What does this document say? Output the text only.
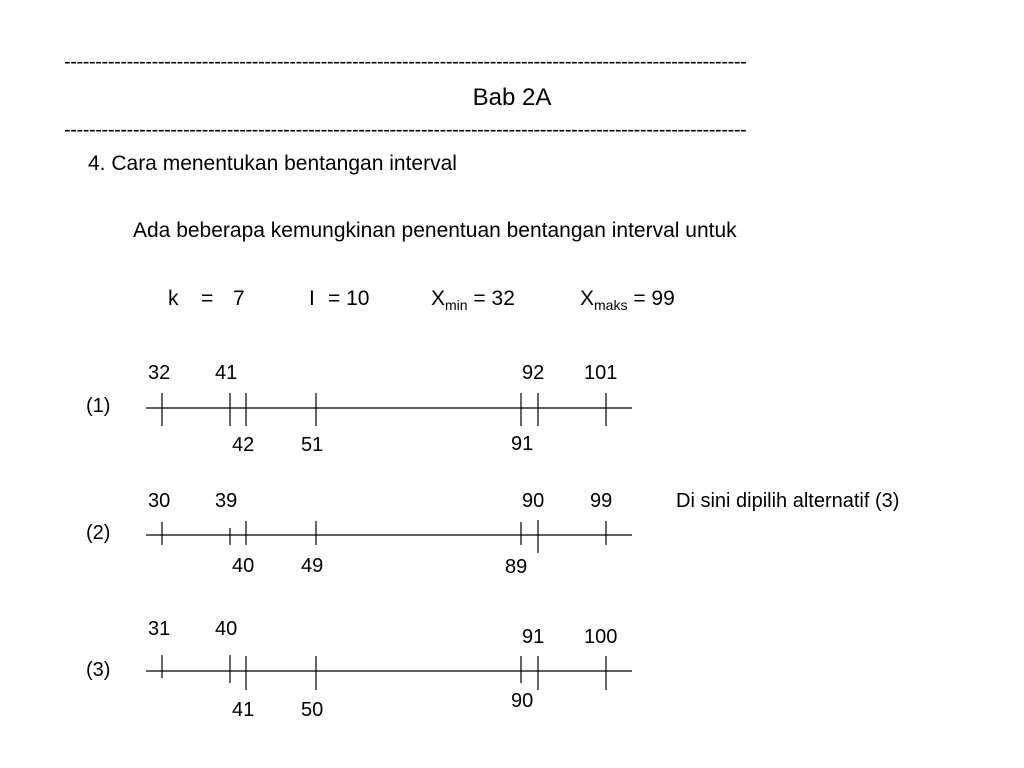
-------------------------------------------------------------------------------------------------------------
Bab 2A
-------------------------------------------------------------------------------------------------------------
4. Cara menentukan bentangan interval
Ada beberapa kemungkinan penentuan bentangan interval untuk
k = 7	I = 10	$X_{min} = 32$	$X_{maks} = 99$
(1)
32 41	92 101
42 51	91
(2)
30 39	90 99
40 49	89
(3)
31 40	91 100
41 50	90
Di sini dipilih alternatif (3)
